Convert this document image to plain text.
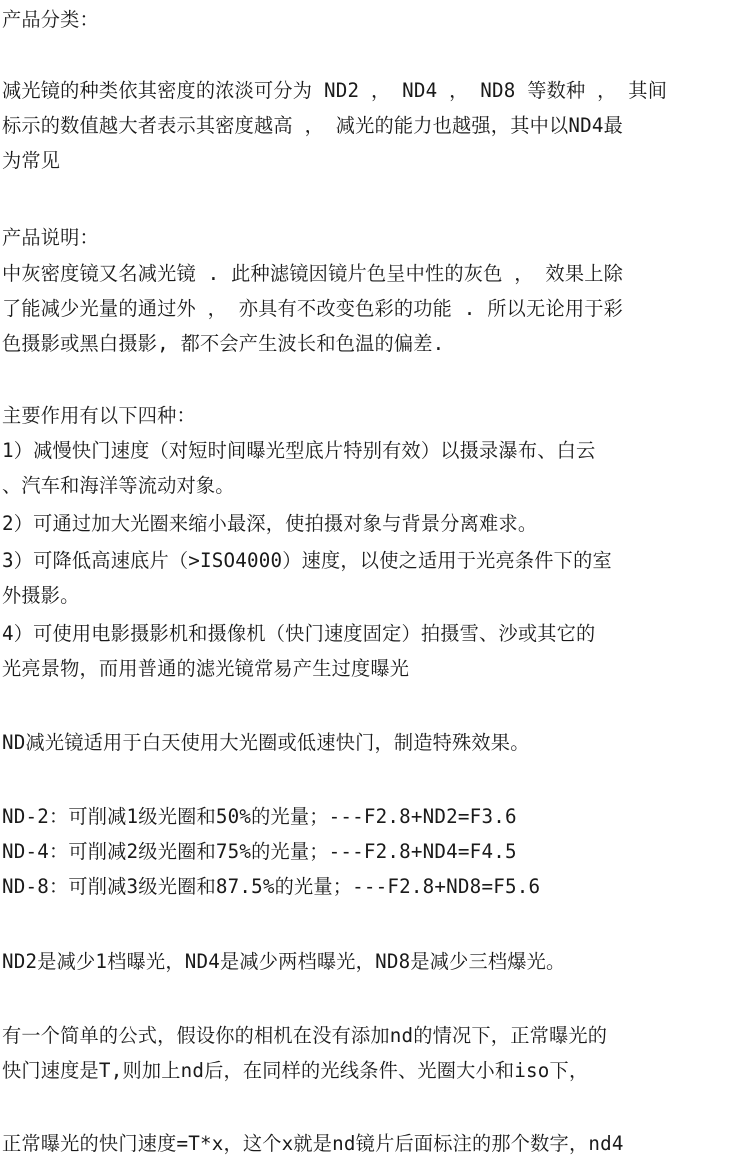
产品分类：
减光镜的种类依其密度的浓淡可分为 ND2 ， ND4 ， ND8 等数种 ， 其间
标示的数值越大者表示其密度越高 ， 减光的能力也越强，其中以ND4最
为常见
产品说明：
中灰密度镜又名减光镜 . 此种滤镜因镜片色呈中性的灰色 ， 效果上除
了能减少光量的通过外 ， 亦具有不改变色彩的功能 . 所以无论用于彩
色摄影或黑白摄影, 都不会产生波长和色温的偏差.
主要作用有以下四种：
1）减慢快门速度（对短时间曝光型底片特别有效）以摄录瀑布、白云
、汽车和海洋等流动对象。
2）可通过加大光圈来缩小最深，使拍摄对象与背景分离难求。
3）可降低高速底片（>ISO4000）速度，以使之适用于光亮条件下的室
外摄影。
4）可使用电影摄影机和摄像机（快门速度固定）拍摄雪、沙或其它的
光亮景物，而用普通的滤光镜常易产生过度曝光
ND减光镜适用于白天使用大光圈或低速快门，制造特殊效果。
ND-2：可削减1级光圈和50%的光量；---F2.8+ND2=F3.6
ND-4：可削减2级光圈和75%的光量；---F2.8+ND4=F4.5
ND-8：可削减3级光圈和87.5%的光量；---F2.8+ND8=F5.6
ND2是减少1档曝光，ND4是减少两档曝光，ND8是减少三档爆光。
有一个简单的公式，假设你的相机在没有添加nd的情况下，正常曝光的
快门速度是T,则加上nd后，在同样的光线条件、光圈大小和iso下，
正常曝光的快门速度=T*x，这个x就是nd镜片后面标注的那个数字，nd4
